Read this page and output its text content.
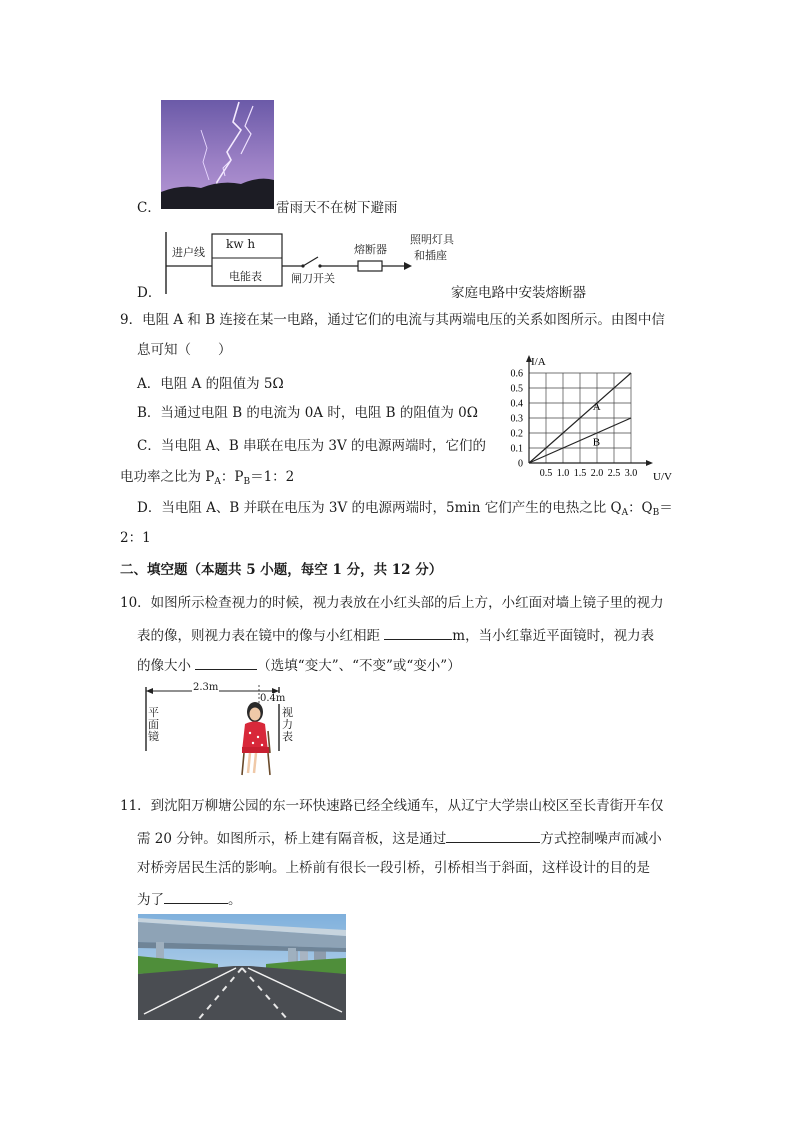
C．	雷雨天不在树下避雨
进户线
kw h
电能表	闸刀开关
熔断器
照明灯具
和插座
D．	家庭电路中安装熔断器
9．电阻 A 和 B 连接在某一电路，通过它们的电流与其两端电压的关系如图所示。由图中信
息可知（　　）
A．电阻 A 的阻值为 5Ω
B．当通过电阻 B 的电流为 0A 时，电阻 B 的阻值为 0Ω
C．当电阻 A、B 串联在电压为 3V 的电源两端时，它们的
电功率之比为 $P_A$：$P_B=1$：2
D．当电阻 A、B 并联在电压为 3V 的电源两端时，5min 它们产生的电热之比 $Q_A$：$Q_B=$
2：1
0.5 1.0 1.5 2.0 2.5 3.0
0.6
0.5
0.4
0.3
0.2
0.1
0
I/A
U/V
A
B
二、填空题（本题共 5 小题，每空 1 分，共 12 分）
10．如图所示检查视力的时候，视力表放在小红头部的后上方，小红面对墙上镜子里的视力
表的像，则视力表在镜中的像与小红相距	m，当小红靠近平面镜时，视力表
的像大小	（选填“变大”、“不变”或“变小”）
2.3m
0.4m
平面镜
视力表
11．到沈阳万柳塘公园的东一环快速路已经全线通车，从辽宁大学崇山校区至长青街开车仅
需 20 分钟。如图所示，桥上建有隔音板，这是通过	方式控制噪声而减小
对桥旁居民生活的影响。上桥前有很长一段引桥，引桥相当于斜面，这样设计的目的是
为了	。
